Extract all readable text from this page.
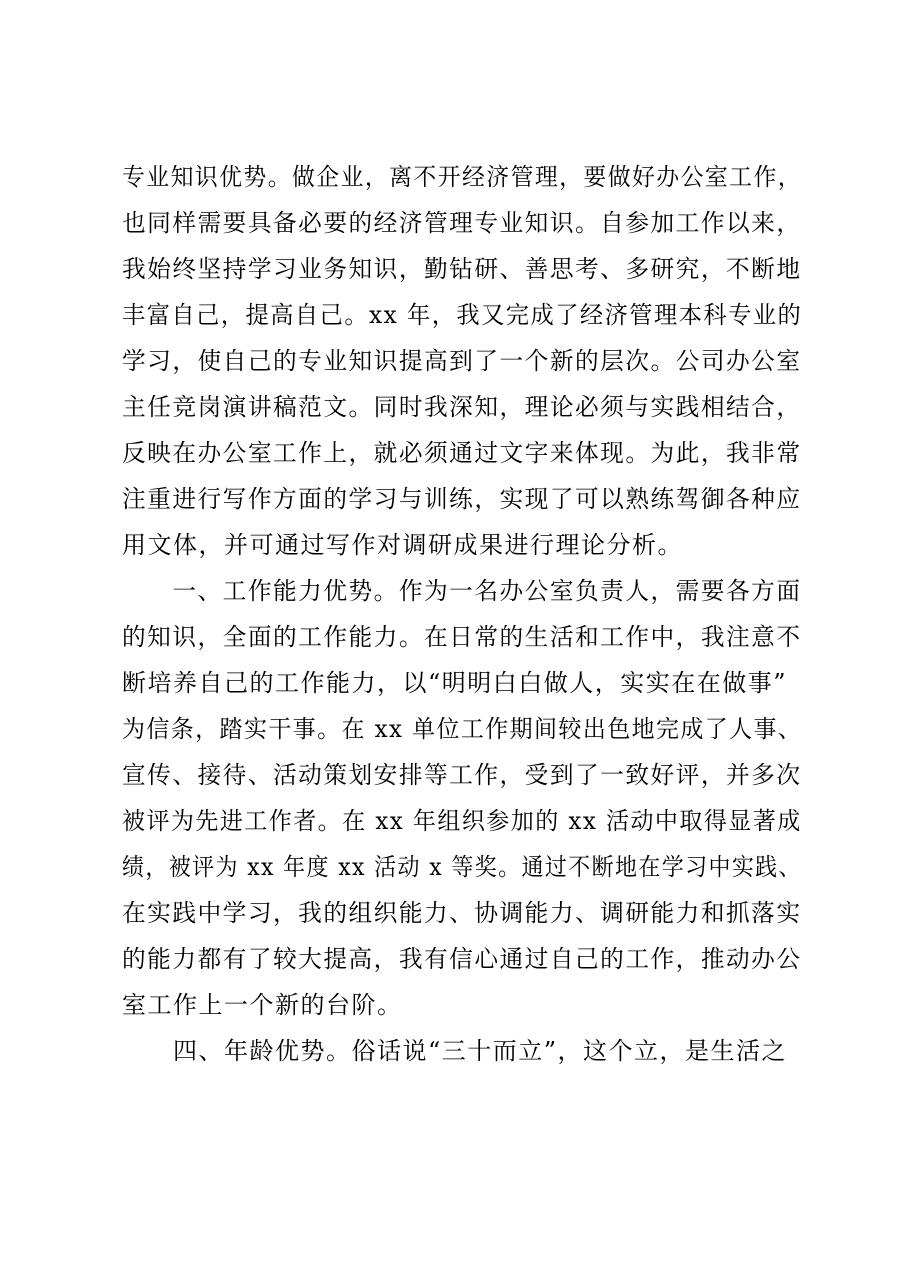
专业知识优势。做企业，离不开经济管理，要做好办公室工作，
也同样需要具备必要的经济管理专业知识。自参加工作以来，
我始终坚持学习业务知识，勤钻研、善思考、多研究，不断地
丰富自己，提高自己。xx 年，我又完成了经济管理本科专业的
学习，使自己的专业知识提高到了一个新的层次。公司办公室
主任竞岗演讲稿范文。同时我深知，理论必须与实践相结合，
反映在办公室工作上，就必须通过文字来体现。为此，我非常
注重进行写作方面的学习与训练，实现了可以熟练驾御各种应
用文体，并可通过写作对调研成果进行理论分析。
　　一、工作能力优势。作为一名办公室负责人，需要各方面
的知识，全面的工作能力。在日常的生活和工作中，我注意不
断培养自己的工作能力，以“明明白白做人，实实在在做事”
为信条，踏实干事。在 xx 单位工作期间较出色地完成了人事、
宣传、接待、活动策划安排等工作，受到了一致好评，并多次
被评为先进工作者。在 xx 年组织参加的 xx 活动中取得显著成
绩，被评为 xx 年度 xx 活动 x 等奖。通过不断地在学习中实践、
在实践中学习，我的组织能力、协调能力、调研能力和抓落实
的能力都有了较大提高，我有信心通过自己的工作，推动办公
室工作上一个新的台阶。
　　四、年龄优势。俗话说“三十而立”，这个立，是生活之
